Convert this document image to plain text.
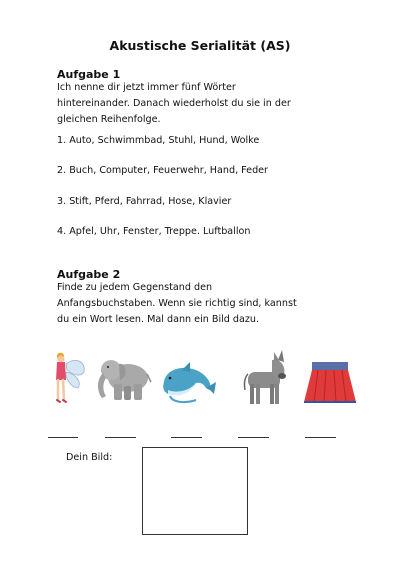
Akustische Serialität (AS)
Aufgabe 1
Ich nenne dir jetzt immer fünf Wörter
hintereinander. Danach wiederholst du sie in der
gleichen Reihenfolge.
1. Auto, Schwimmbad, Stuhl, Hund, Wolke
2. Buch, Computer, Feuerwehr, Hand, Feder
3. Stift, Pferd, Fahrrad, Hose, Klavier
4. Apfel, Uhr, Fenster, Treppe. Luftballon
Aufgabe 2
Finde zu jedem Gegenstand den
Anfangsbuchstaben. Wenn sie richtig sind, kannst
du ein Wort lesen. Mal dann ein Bild dazu.
Dein Bild:
